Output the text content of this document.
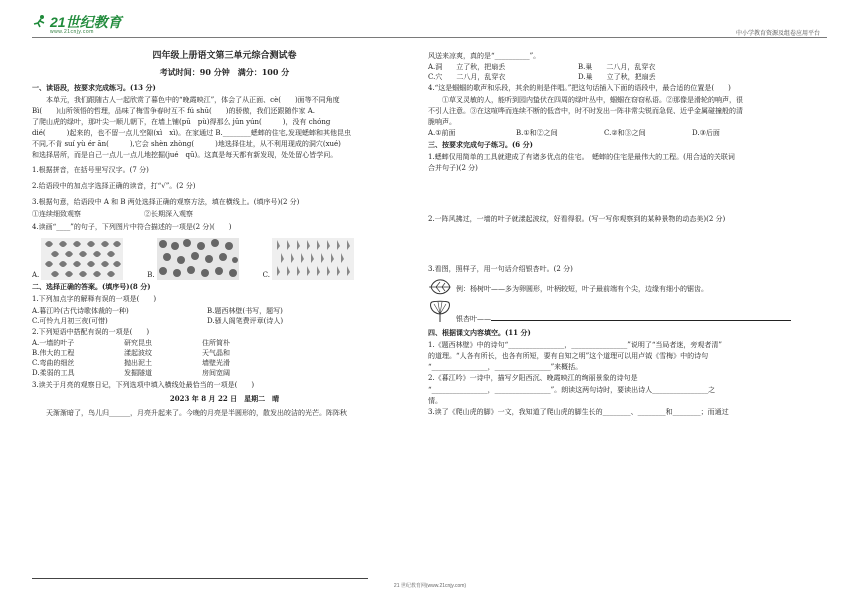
21世纪教育
www.21cnjy.com	中小学教育资源及组卷应用平台
四年级上册语文第三单元综合测试卷
考试时间：90 分钟　满分：100 分
一、读语段，按要求完成练习。(13 分)

本单元，我们跟随古人一起欣赏了暮色中的“晚霞映江”，体会了从正面、cè(　　)面等不同角度

Bì(　　)山所领悟的哲理，品味了梅雪争春时互不 fú shū(　　)的骄傲，我们还跟随作家 A.

了爬山虎的绿叶，那叶尖一顺儿朝下，在墙上铺(pū　pù)得那么 jūn yún(　　　)，没有 chóng

dié(　　　)起来的，也不留一点儿空隙(xì　xì)。在家通过 B.________蟋蟀的住宅,发现蟋蟀和其他昆虫

不同,不肯 suí yù ér ān(　　　),它会 shèn zhòng(　　　)地选择住址，从不利用现成的洞穴(xué)

和选择居所，而是自己一点儿一点儿地挖掘(jué　qū)。这真是每天都有新发现，处处留心皆学问。

1.根据拼音，在括号里写汉字。(7 分)

2.给语段中的加点字选择正确的读音，打“√”。(2 分)

3.根据句意，给语段中 A 和 B 两处选择正确的观察方法，填在横线上。(填序号)(2 分)

①连续细致观察	②长期深入观察

4.读画“____”的句子，下列图片中符合描述的一项是(2 分)(　　)

A.	B.	C.
二、选择正确的答案。(填序号)(8 分)

1.下列加点字的解释有误的一项是(　　)

A.暮江吟(古代诗歌体裁的一种)	B.题西林壁(书写，题写)
C.可怜九月初三夜(可惜)	D.骚人阁笔费评章(诗人)

2.下列短语中搭配有误的一项是(　　)

A.一墙的叶子	研究昆虫	住所简朴
B.伟大的工程	漾起波纹	天气晶和
C.弯曲的细丝	抛出泥土	墙壁光滑
D.柔弱的工具	发掘隧道	房间宽阔

3.读关于月亮的观察日记，下列选项中填入横线处最恰当的一项是(　　)

2023 年 8 月 22 日　星期二　晴

天渐渐暗了，鸟儿归______，月亮升起来了。今晚的月亮是半圆形的，散发出皎洁的光芒。阵阵秋

风送来凉爽，真的是“__________”。

A.洞　　立了秋，把扇丢	B.巢　　二八月，乱穿衣
C.穴　　二八月，乱穿衣	D.巢　　立了秋，把扇丢

4.“这是蝈蝈的歌声和乐段，其余的则是伴唱。”把这句话插入下面的语段中，最合适的位置是(　　)

①草叉灵敏的人，能听到园内蛰伏在四周的绿叶丛中，蝈蝈在窃窃私语。②那像是滑轮的响声，很

不引人注意。③在这喧哗而连续不断的低音中，时不时发出一阵非常尖锐而急促、近乎金属碰撞般的清

脆响声。

A.①前面	B.①和②之间	C.②和③之间	D.③后面
三、按要求完成句子练习。(6 分)

1.蟋蟀仅用简单的工具就建成了有诸多优点的住宅。　蟋蟀的住宅是最伟大的工程。(用合适的关联词

合并句子)(2 分)

2.一阵风拂过，一墙的叶子就漾起波纹，好看得很。(写一写你观察到的某种景物的动态美)(2 分)

3.看图，照样子，用一句话介绍银杏叶。(2 分)

例：杨树叶——多为卵圆形，叶柄较短，叶子最前端有个尖，边缘有细小的锯齿。

银杏叶——

四、根据课文内容填空。(11 分)

1.《题西林壁》中的诗句“________________，________________”说明了“当局者迷，旁观者清”

的道理。“人各有所长，也各有所短，要有自知之明”这个道理可以用卢钺《雪梅》中的诗句

“________________，________________”来概括。

2.《暮江吟》一诗中，描写夕阳西沉、晚霞映江的绚丽景象的诗句是

“________________，________________”。朗读这两句诗时，要读出诗人________________之

情。

3.读了《爬山虎的脚》一文，我知道了爬山虎的脚生长的________、________和________；而通过

21 世纪教育网(www.21cnjy.com)
